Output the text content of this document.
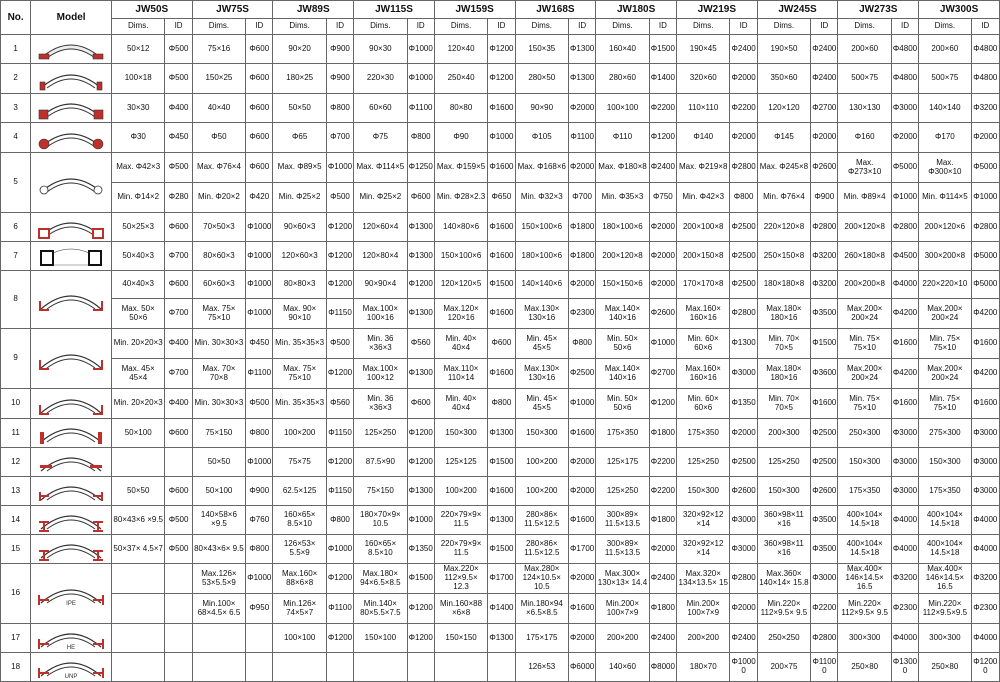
No.	Model	JW50S		JW75S		JW89S		JW115S		JW159S		JW168S		JW180S		JW219S		JW245S		JW273S		JW300S	
		Dims.	ID	Dims.	ID	Dims.	ID	Dims.	ID	Dims.	ID	Dims.	ID	Dims.	ID	Dims.	ID	Dims.	ID	Dims.	ID	Dims.	ID
1		50×12	Φ500	75×16	Φ600	90×20	Φ900	90×30	Φ1000	120×40	Φ1200	150×35	Φ1300	160×40	Φ1500	190×45	Φ2400	190×50	Φ2400	200×60	Φ4800	200×60	Φ4800
2		100×18	Φ500	150×25	Φ600	180×25	Φ900	220×30	Φ1000	250×40	Φ1200	280×50	Φ1300	280×60	Φ1400	320×60	Φ2000	350×60	Φ2400	500×75	Φ4800	500×75	Φ4800
3		30×30	Φ400	40×40	Φ600	50×50	Φ800	60×60	Φ1100	80×80	Φ1600	90×90	Φ2000	100×100	Φ2200	110×110	Φ2200	120×120	Φ2700	130×130	Φ3000	140×140	Φ3200
4		Φ30	Φ450	Φ50	Φ600	Φ65	Φ700	Φ75	Φ800	Φ90	Φ1000	Φ105	Φ1100	Φ110	Φ1200	Φ140	Φ2000	Φ145	Φ2000	Φ160	Φ2000	Φ170	Φ2000
5		Max. Φ42×3	Φ500	Max. Φ76×4	Φ600	Max. Φ89×5	Φ1000	Max. Φ114×5	Φ1250	Max. Φ159×5	Φ1600	Max. Φ168×6	Φ2000	Max. Φ180×8	Φ2400	Max. Φ219×8	Φ2800	Max. Φ245×8	Φ2600	Max. Φ273×10	Φ5000	Max. Φ300×10	Φ5000
		Min. Φ14×2	Φ280	Min. Φ20×2	Φ420	Min. Φ25×2	Φ500	Min. Φ25×2	Φ600	Min. Φ28×2.3	Φ650	Min. Φ32×3	Φ700	Min. Φ35×3	Φ750	Min. Φ42×3	Φ800	Min. Φ76×4	Φ900	Min. Φ89×4	Φ1000	Min. Φ114×5	Φ1000
6		50×25×3	Φ600	70×50×3	Φ1000	90×60×3	Φ1200	120×60×4	Φ1300	140×80×6	Φ1600	150×100×6	Φ1800	180×100×6	Φ2000	200×100×8	Φ2500	220×120×8	Φ2800	200×120×8	Φ2800	200×120×6	Φ2800
7		50×40×3	Φ700	80×60×3	Φ1000	120×60×3	Φ1200	120×80×4	Φ1300	150×100×6	Φ1600	180×100×6	Φ1800	200×120×8	Φ2000	200×150×8	Φ2500	250×150×8	Φ3200	260×180×8	Φ4500	300×200×8	Φ5000
8		40×40×3	Φ600	60×60×3	Φ1000	80×80×3	Φ1200	90×90×4	Φ1200	120×120×5	Φ1500	140×140×6	Φ2000	150×150×6	Φ2000	170×170×8	Φ2500	180×180×8	Φ3200	200×200×8	Φ4000	220×220×10	Φ5000
		Max. 50× 50×6	Φ700	Max. 75× 75×10	Φ1000	Max. 90× 90×10	Φ1150	Max.100× 100×16	Φ1300	Max.120× 120×16	Φ1600	Max.130× 130×16	Φ2300	Max.140× 140×16	Φ2600	Max.160× 160×16	Φ2800	Max.180× 180×16	Φ3500	Max.200× 200×24	Φ4200	Max.200× 200×24	Φ4200
9		Min. 20×20×3	Φ400	Min. 30×30×3	Φ450	Min. 35×35×3	Φ500	Min. 36 ×36×3	Φ560	Min. 40× 40×4	Φ600	Min. 45× 45×5	Φ800	Min. 50× 50×6	Φ1000	Min. 60× 60×6	Φ1300	Min. 70× 70×5	Φ1500	Min. 75× 75×10	Φ1600	Min. 75× 75×10	Φ1600
		Max. 45× 45×4	Φ700	Max. 70× 70×8	Φ1100	Max. 75× 75×10	Φ1200	Max.100× 100×12	Φ1300	Max.110× 110×14	Φ1600	Max.130× 130×16	Φ2500	Max.140× 140×16	Φ2700	Max.160× 160×16	Φ3000	Max.180× 180×16	Φ3600	Max.200× 200×24	Φ4200	Max.200× 200×24	Φ4200
10		Min. 20×20×3	Φ400	Min. 30×30×3	Φ500	Min. 35×35×3	Φ560	Min. 36 ×36×3	Φ600	Min. 40× 40×4	Φ800	Min. 45× 45×5	Φ1000	Min. 50× 50×6	Φ1200	Min. 60× 60×6	Φ1350	Min. 70× 70×5	Φ1600	Min. 75× 75×10	Φ1600	Min. 75× 75×10	Φ1600
11		50×100	Φ600	75×150	Φ800	100×200	Φ1150	125×250	Φ1200	150×300	Φ1300	150×300	Φ1600	175×350	Φ1800	175×350	Φ2000	200×300	Φ2500	250×300	Φ3000	275×300	Φ3000
12				50×50	Φ1000	75×75	Φ1200	87.5×90	Φ1200	125×125	Φ1500	100×200	Φ2000	125×175	Φ2200	125×250	Φ2500	125×250	Φ2500	150×300	Φ3000	150×300	Φ3000
13		50×50	Φ600	50×100	Φ900	62.5×125	Φ1150	75×150	Φ1300	100×200	Φ1600	100×200	Φ2000	125×250	Φ2200	150×300	Φ2600	150×300	Φ2600	175×350	Φ3000	175×350	Φ3000
14		80×43×6 ×9.5	Φ500	140×58×6 ×9.5	Φ760	160×65× 8.5×10	Φ800	180×70×9× 10.5	Φ1000	220×79×9× 11.5	Φ1300	280×86× 11.5×12.5	Φ1600	300×89× 11.5×13.5	Φ1800	320×92×12 ×14	Φ3000	360×98×11 ×16	Φ3500	400×104× 14.5×18	Φ4000	400×104× 14.5×18	Φ4000
15		50×37× 4.5×7	Φ500	80×43×6× 9.5	Φ800	126×53× 5.5×9	Φ1000	160×65× 8.5×10	Φ1350	220×79×9× 11.5	Φ1500	280×86× 11.5×12.5	Φ1700	300×89× 11.5×13.5	Φ2000	320×92×12 ×14	Φ3000	360×98×11 ×16	Φ3500	400×104× 14.5×18	Φ4000	400×104× 14.5×18	Φ4000
16	IPE			Max.126× 53×5.5×9	Φ1000	Max.160× 88×6×8	Φ1200	Max.180× 94×6.5×8.5	Φ1500	Max.220× 112×9.5× 12.3	Φ1700	Max.280× 124×10.5× 10.5	Φ2000	Max.300× 130×13× 14.4	Φ2400	Max.320× 134×13.5× 15	Φ2800	Max.360× 140×14× 15.8	Φ3000	Max.400× 146×14.5× 16.5	Φ3200	Max.400× 146×14.5× 16.5	Φ3200
				Min.100× 68×4.5× 6.5	Φ950	Min.126× 74×5×7	Φ1100	Min.140× 80×5.5×7.5	Φ1200	Min.160×88 ×6×8	Φ1400	Min.180×94 ×6.5×8.5	Φ1600	Min.200× 100×7×9	Φ1800	Min.200× 100×7×9	Φ2000	Min.220× 112×9.5× 9.5	Φ2200	Min.220× 112×9.5× 9.5	Φ2300	Min.220× 112×9.5×9.5	Φ2300
17	HE					100×100	Φ1200	150×100	Φ1200	150×150	Φ1300	175×175	Φ2000	200×200	Φ2400	200×200	Φ2400	250×250	Φ2800	300×300	Φ4000	300×300	Φ4000
18	UNP											126×53	Φ6000	140×60	Φ8000	180×70	Φ10000	200×75	Φ11000	250×80	Φ13000	250×80	Φ12000
